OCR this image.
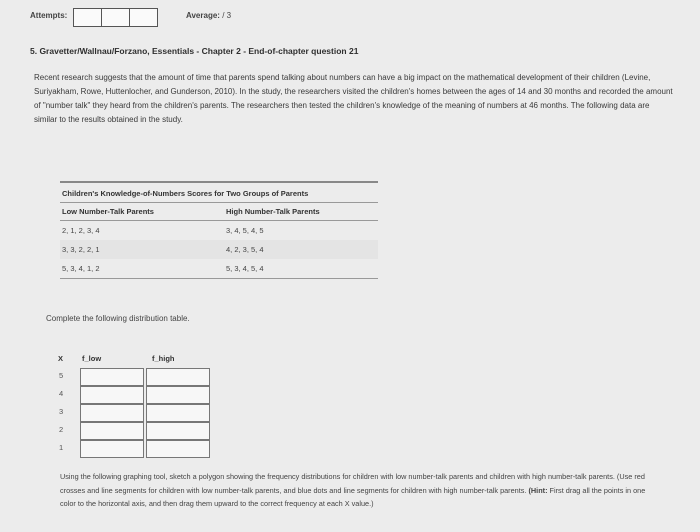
Attempts:	Average: / 3
5. Gravetter/Wallnau/Forzano, Essentials - Chapter 2 - End-of-chapter question 21
Recent research suggests that the amount of time that parents spend talking about numbers can have a big impact on the mathematical development of their children (Levine, Suriyakham, Rowe, Huttenlocher, and Gunderson, 2010). In the study, the researchers visited the children's homes between the ages of 14 and 30 months and recorded the amount of "number talk" they heard from the children's parents. The researchers then tested the children's knowledge of the meaning of numbers at 46 months. The following data are similar to the results obtained in the study.
Children's Knowledge-of-Numbers Scores for Two Groups of Parents
Low Number-Talk Parents	High Number-Talk Parents
2, 1, 2, 3, 4	3, 4, 5, 4, 5
3, 3, 2, 2, 1	4, 2, 3, 5, 4
5, 3, 4, 1, 2	5, 3, 4, 5, 4
Complete the following distribution table.
X	f_low	f_high
5
4
3
2
1
Using the following graphing tool, sketch a polygon showing the frequency distributions for children with low number-talk parents and children with high number-talk parents. (Use red crosses and line segments for children with low number-talk parents, and blue dots and line segments for children with high number-talk parents. (Hint: First drag all the points in one color to the horizontal axis, and then drag them upward to the correct frequency at each X value.)
